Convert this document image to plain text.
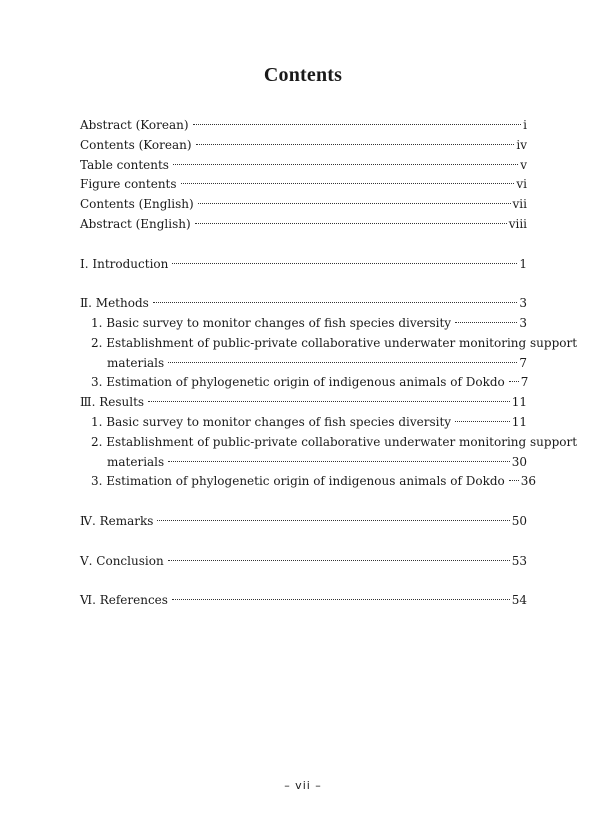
Contents
Abstract (Korean)	i
Contents (Korean)	iv
Table contents	v
Figure contents	vi
Contents (English)	vii
Abstract (English)	viii
Ⅰ. Introduction	1
Ⅱ. Methods	3
1. Basic survey to monitor changes of fish species diversity	3
2. Establishment of public-private collaborative underwater monitoring support
materials	7
3. Estimation of phylogenetic origin of indigenous animals of Dokdo 7
Ⅲ. Results	11
1. Basic survey to monitor changes of fish species diversity	11
2. Establishment of public-private collaborative underwater monitoring support
materials	30
3. Estimation of phylogenetic origin of indigenous animals of Dokdo 36
Ⅳ. Remarks	50
Ⅴ. Conclusion	53
Ⅵ. References	54
– vii –
